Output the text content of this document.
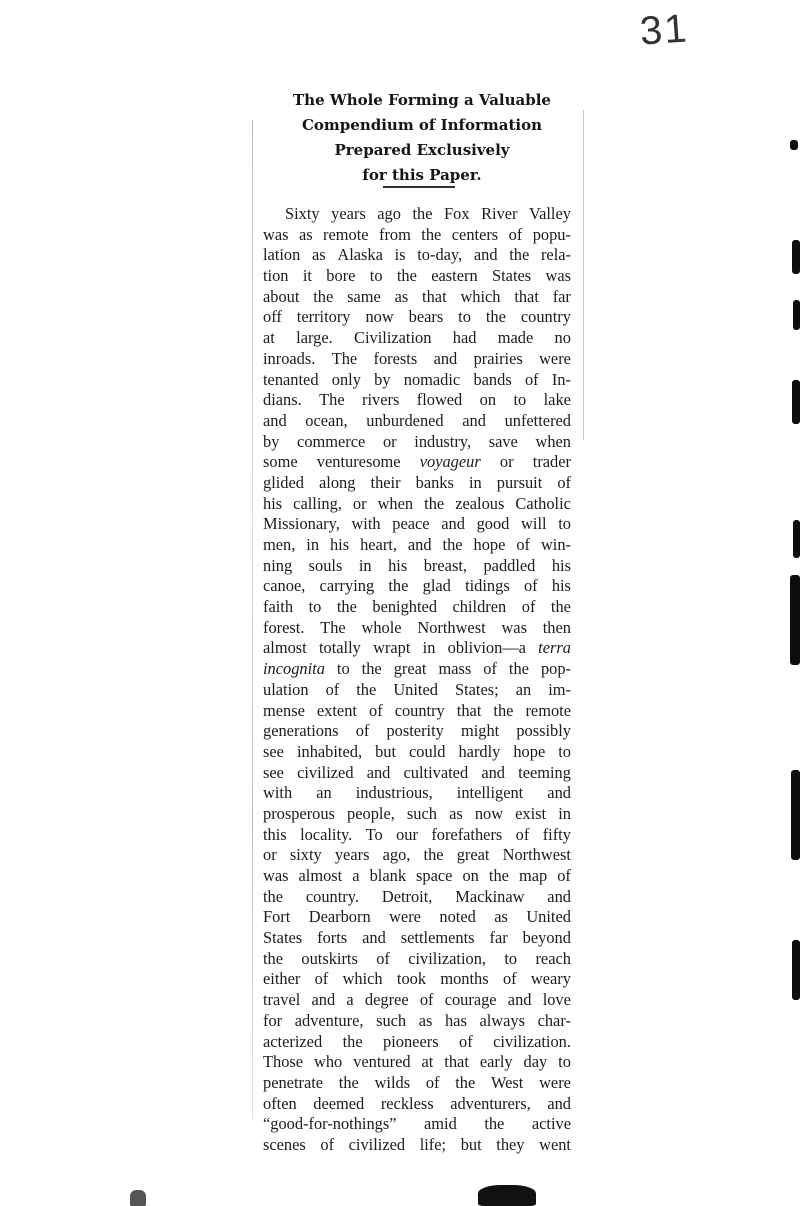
31
The Whole Forming a Valuable
Compendium of Information
Prepared Exclusively
for this Paper.
Sixty years ago the Fox River Valley
was as remote from the centers of popu-
lation as Alaska is to-day, and the rela-
tion it bore to the eastern States was
about the same as that which that far
off territory now bears to the country
at large. Civilization had made no
inroads. The forests and prairies were
tenanted only by nomadic bands of In-
dians. The rivers flowed on to lake
and ocean, unburdened and unfettered
by commerce or industry, save when
some venturesome voyageur or trader
glided along their banks in pursuit of
his calling, or when the zealous Catholic
Missionary, with peace and good will to
men, in his heart, and the hope of win-
ning souls in his breast, paddled his
canoe, carrying the glad tidings of his
faith to the benighted children of the
forest. The whole Northwest was then
almost totally wrapt in oblivion—a terra
incognita to the great mass of the pop-
ulation of the United States; an im-
mense extent of country that the remote
generations of posterity might possibly
see inhabited, but could hardly hope to
see civilized and cultivated and teeming
with an industrious, intelligent and
prosperous people, such as now exist in
this locality. To our forefathers of fifty
or sixty years ago, the great Northwest
was almost a blank space on the map of
the country. Detroit, Mackinaw and
Fort Dearborn were noted as United
States forts and settlements far beyond
the outskirts of civilization, to reach
either of which took months of weary
travel and a degree of courage and love
for adventure, such as has always char-
acterized the pioneers of civilization.
Those who ventured at that early day to
penetrate the wilds of the West were
often deemed reckless adventurers, and
“good-for-nothings” amid the active
scenes of civilized life; but they went
